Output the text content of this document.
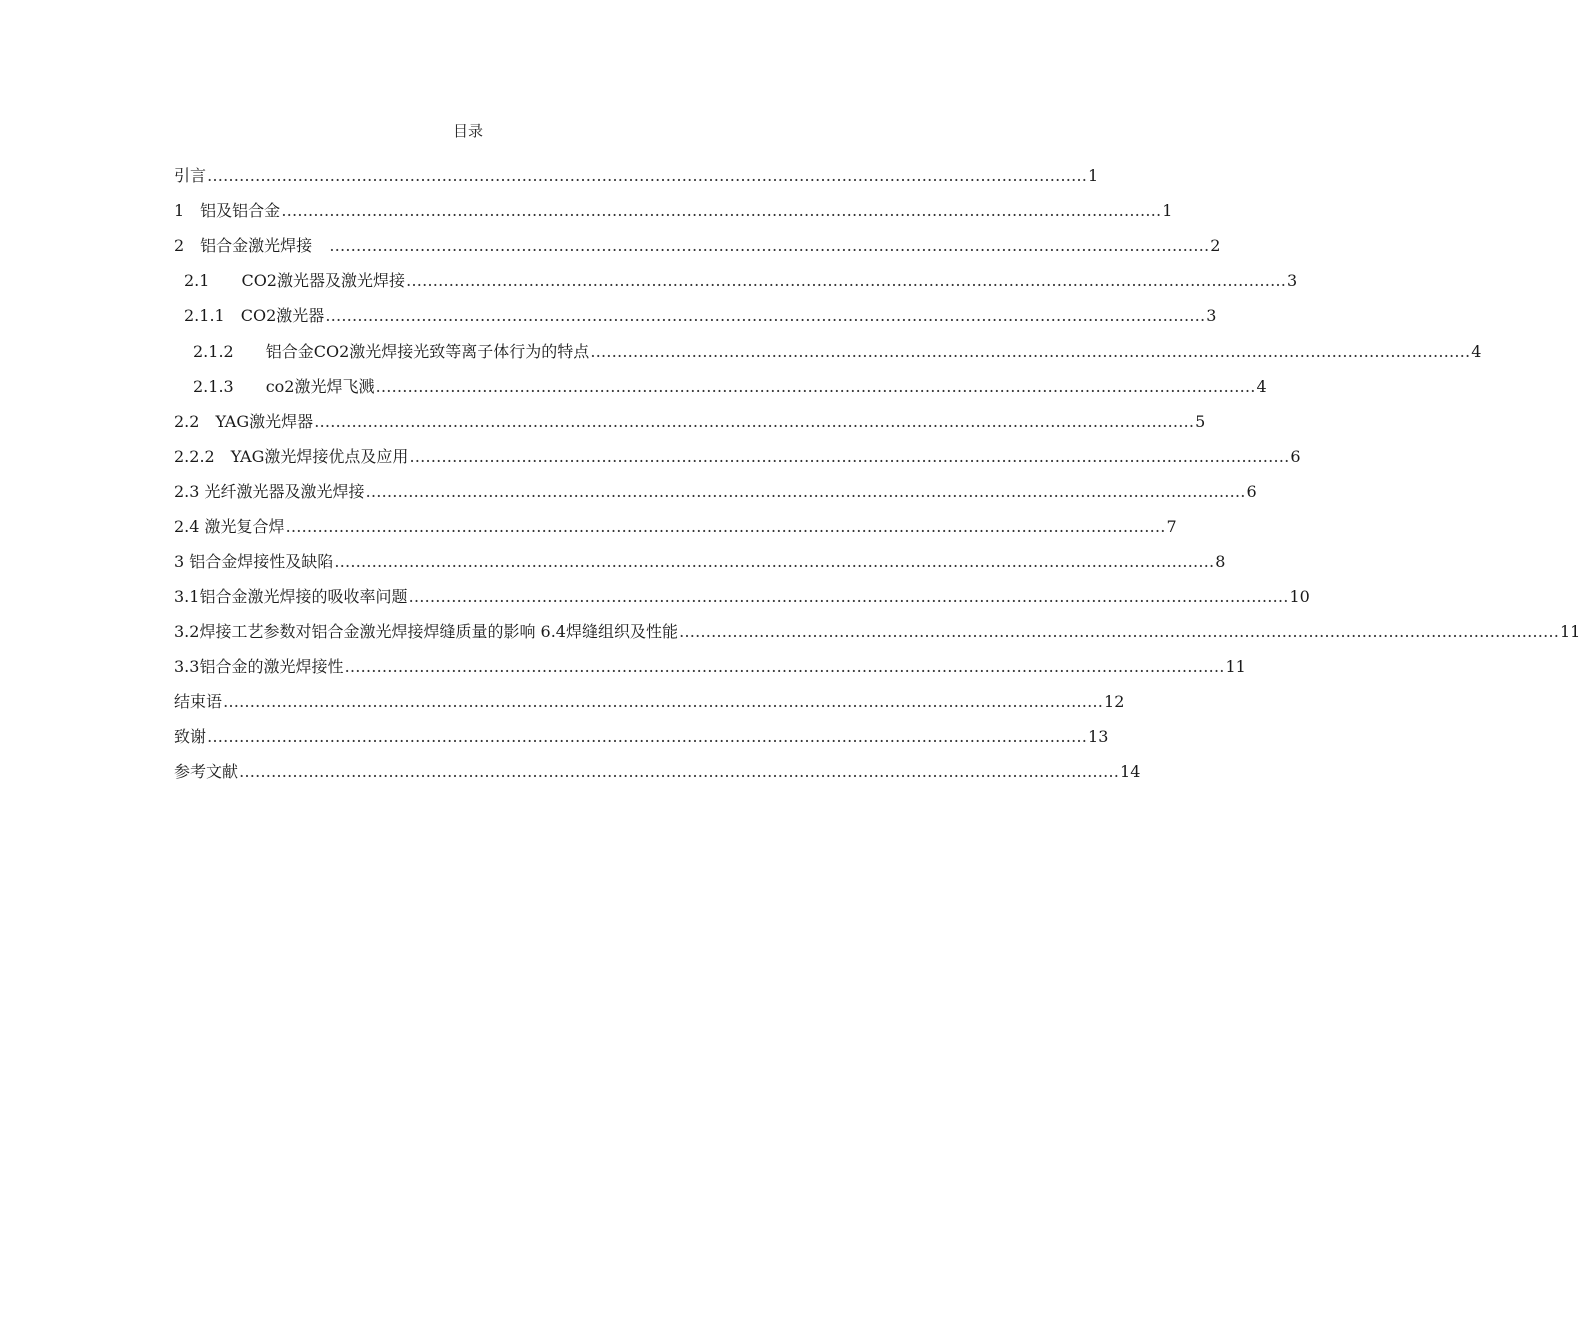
目录
引言 ………………………………………………………………………………………………………………………………………………… 1
1　铝及铝合金 ………………………………………………………………………………………………………………………………………………… 1
2　铝合金激光焊接　 ………………………………………………………………………………………………………………………………………………… 2
2.1　　CO2激光器及激光焊接 ………………………………………………………………………………………………………………………………………………… 3
2.1.1　CO2激光器 ………………………………………………………………………………………………………………………………………………… 3
2.1.2　　铝合金CO2激光焊接光致等离子体行为的特点 ………………………………………………………………………………………………………………………………………………… 4
2.1.3　　co2激光焊飞溅 ………………………………………………………………………………………………………………………………………………… 4
2.2　YAG激光焊器 ………………………………………………………………………………………………………………………………………………… 5
2.2.2　YAG激光焊接优点及应用 ………………………………………………………………………………………………………………………………………………… 6
2.3 光纤激光器及激光焊接 ………………………………………………………………………………………………………………………………………………… 6
2.4 激光复合焊 ………………………………………………………………………………………………………………………………………………… 7
3 铝合金焊接性及缺陷 ………………………………………………………………………………………………………………………………………………… 8
3.1铝合金激光焊接的吸收率问题 ………………………………………………………………………………………………………………………………………………… 10
3.2焊接工艺参数对铝合金激光焊接焊缝质量的影响 6.4焊缝组织及性能 ………………………………………………………………………………………………………………………………………………… 11
3.3铝合金的激光焊接性 ………………………………………………………………………………………………………………………………………………… 11
结束语 ………………………………………………………………………………………………………………………………………………… 12
致谢 ………………………………………………………………………………………………………………………………………………… 13
参考文献 ………………………………………………………………………………………………………………………………………………… 14
